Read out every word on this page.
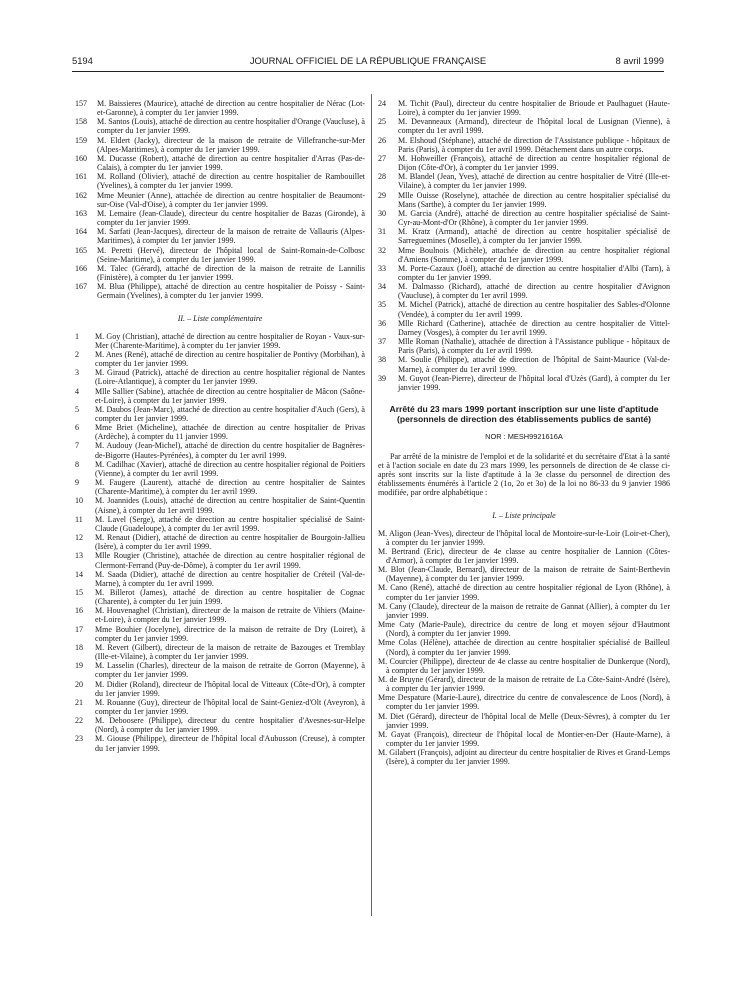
5194	JOURNAL OFFICIEL DE LA RÉPUBLIQUE FRANÇAISE	8 avril 1999
157 M. Baissieres (Maurice), attaché de direction au centre hospitalier de Nérac (Lot-et-Garonne), à compter du 1er janvier 1999.
158 M. Santos (Louis), attaché de direction au centre hospitalier d'Orange (Vaucluse), à compter du 1er janvier 1999.
159 M. Eldert (Jacky), directeur de la maison de retraite de Villefranche-sur-Mer (Alpes-Maritimes), à compter du 1er janvier 1999.
160 M. Ducasse (Robert), attaché de direction au centre hospitalier d'Arras (Pas-de-Calais), à compter du 1er janvier 1999.
161 M. Rolland (Olivier), attaché de direction au centre hospitalier de Rambouillet (Yvelines), à compter du 1er janvier 1999.
162 Mme Meunier (Anne), attachée de direction au centre hospitalier de Beaumont-sur-Oise (Val-d'Oise), à compter du 1er janvier 1999.
163 M. Lemaire (Jean-Claude), directeur du centre hospitalier de Bazas (Gironde), à compter du 1er janvier 1999.
164 M. Sarfati (Jean-Jacques), directeur de la maison de retraite de Vallauris (Alpes-Maritimes), à compter du 1er janvier 1999.
165 M. Peretti (Hervé), directeur de l'hôpital local de Saint-Romain-de-Colbosc (Seine-Maritime), à compter du 1er janvier 1999.
166 M. Talec (Gérard), attaché de direction de la maison de retraite de Lannilis (Finistère), à compter du 1er janvier 1999.
167 M. Blua (Philippe), attaché de direction au centre hospitalier de Poissy - Saint-Germain (Yvelines), à compter du 1er janvier 1999.
II. – Liste complémentaire
1 M. Goy (Christian), attaché de direction au centre hospitalier de Royan - Vaux-sur-Mer (Charente-Maritime), à compter du 1er janvier 1999.
2 M. Anes (René), attaché de direction au centre hospitalier de Pontivy (Morbihan), à compter du 1er janvier 1999.
3 M. Giraud (Patrick), attaché de direction au centre hospitalier régional de Nantes (Loire-Atlantique), à compter du 1er janvier 1999.
4 Mlle Sallier (Sabine), attachée de direction au centre hospitalier de Mâcon (Saône-et-Loire), à compter du 1er janvier 1999.
5 M. Daubos (Jean-Marc), attaché de direction au centre hospitalier d'Auch (Gers), à compter du 1er janvier 1999.
6 Mme Briet (Micheline), attachée de direction au centre hospitalier de Privas (Ardèche), à compter du 11 janvier 1999.
7 M. Audouy (Jean-Michel), attaché de direction du centre hospitalier de Bagnères-de-Bigorre (Hautes-Pyrénées), à compter du 1er avril 1999.
8 M. Cadilhac (Xavier), attaché de direction au centre hospitalier régional de Poitiers (Vienne), à compter du 1er avril 1999.
9 M. Faugere (Laurent), attaché de direction au centre hospitalier de Saintes (Charente-Maritime), à compter du 1er avril 1999.
10 M. Joannides (Louis), attaché de direction au centre hospitalier de Saint-Quentin (Aisne), à compter du 1er avril 1999.
11 M. Lavel (Serge), attaché de direction au centre hospitalier spécialisé de Saint-Claude (Guadeloupe), à compter du 1er avril 1999.
12 M. Renaut (Didier), attaché de direction au centre hospitalier de Bourgoin-Jallieu (Isère), à compter du 1er avril 1999.
13 Mlle Rougier (Christine), attachée de direction au centre hospitalier régional de Clermont-Ferrand (Puy-de-Dôme), à compter du 1er avril 1999.
14 M. Saada (Didier), attaché de direction au centre hospitalier de Créteil (Val-de-Marne), à compter du 1er avril 1999.
15 M. Billerot (James), attaché de direction au centre hospitalier de Cognac (Charente), à compter du 1er juin 1999.
16 M. Houvenaghel (Christian), directeur de la maison de retraite de Vihiers (Maine-et-Loire), à compter du 1er janvier 1999.
17 Mme Bouhier (Jocelyne), directrice de la maison de retraite de Dry (Loiret), à compter du 1er janvier 1999.
18 M. Revert (Gilbert), directeur de la maison de retraite de Bazouges et Tremblay (Ille-et-Vilaine), à compter du 1er janvier 1999.
19 M. Lasselin (Charles), directeur de la maison de retraite de Gorron (Mayenne), à compter du 1er janvier 1999.
20 M. Didier (Roland), directeur de l'hôpital local de Vitteaux (Côte-d'Or), à compter du 1er janvier 1999.
21 M. Rouanne (Guy), directeur de l'hôpital local de Saint-Geniez-d'Olt (Aveyron), à compter du 1er janvier 1999.
22 M. Deboosere (Philippe), directeur du centre hospitalier d'Avesnes-sur-Helpe (Nord), à compter du 1er janvier 1999.
23 M. Giouse (Philippe), directeur de l'hôpital local d'Aubusson (Creuse), à compter du 1er janvier 1999.
24 M. Tichit (Paul), directeur du centre hospitalier de Brioude et Paulhaguet (Haute-Loire), à compter du 1er janvier 1999.
25 M. Devanneaux (Armand), directeur de l'hôpital local de Lusignan (Vienne), à compter du 1er avril 1999.
26 M. Elshoud (Stéphane), attaché de direction de l'Assistance publique - hôpitaux de Paris (Paris), à compter du 1er avril 1999. Détachement dans un autre corps.
27 M. Hohweiller (François), attaché de direction au centre hospitalier régional de Dijon (Côte-d'Or), à compter du 1er janvier 1999.
28 M. Blandel (Jean, Yves), attaché de direction au centre hospitalier de Vitré (Ille-et-Vilaine), à compter du 1er janvier 1999.
29 Mlle Ouisse (Roselyne), attachée de direction au centre hospitalier spécialisé du Mans (Sarthe), à compter du 1er janvier 1999.
30 M. Garcia (André), attaché de direction au centre hospitalier spécialisé de Saint-Cyr-au-Mont-d'Or (Rhône), à compter du 1er janvier 1999.
31 M. Kratz (Armand), attaché de direction au centre hospitalier spécialisé de Sarreguemines (Moselle), à compter du 1er janvier 1999.
32 Mme Boulnois (Michèle), attachée de direction au centre hospitalier régional d'Amiens (Somme), à compter du 1er janvier 1999.
33 M. Porte-Cazaux (Joël), attaché de direction au centre hospitalier d'Albi (Tarn), à compter du 1er janvier 1999.
34 M. Dalmasso (Richard), attaché de direction au centre hospitalier d'Avignon (Vaucluse), à compter du 1er avril 1999.
35 M. Michel (Patrick), attaché de direction au centre hospitalier des Sables-d'Olonne (Vendée), à compter du 1er avril 1999.
36 Mlle Richard (Catherine), attachée de direction au centre hospitalier de Vittel-Darney (Vosges), à compter du 1er avril 1999.
37 Mlle Roman (Nathalie), attachée de direction à l'Assistance publique - hôpitaux de Paris (Paris), à compter du 1er avril 1999.
38 M. Soulie (Philippe), attaché de direction de l'hôpital de Saint-Maurice (Val-de-Marne), à compter du 1er avril 1999.
39 M. Guyot (Jean-Pierre), directeur de l'hôpital local d'Uzès (Gard), à compter du 1er janvier 1999.
Arrêté du 23 mars 1999 portant inscription sur une liste d'aptitude (personnels de direction des établissements publics de santé)
NOR : MESH9921616A
Par arrêté de la ministre de l'emploi et de la solidarité et du secrétaire d'Etat à la santé et à l'action sociale en date du 23 mars 1999, les personnels de direction de 4e classe ci-après sont inscrits sur la liste d'aptitude à la 3e classe du personnel de direction des établissements énumérés à l'article 2 (1o, 2o et 3o) de la loi no 86-33 du 9 janvier 1986 modifiée, par ordre alphabétique :
I. – Liste principale
M. Aligon (Jean-Yves), directeur de l'hôpital local de Montoire-sur-le-Loir (Loir-et-Cher), à compter du 1er janvier 1999.
M. Bertrand (Eric), directeur de 4e classe au centre hospitalier de Lannion (Côtes-d'Armor), à compter du 1er janvier 1999.
M. Blot (Jean-Claude, Bernard), directeur de la maison de retraite de Saint-Berthevin (Mayenne), à compter du 1er janvier 1999.
M. Cano (René), attaché de direction au centre hospitalier régional de Lyon (Rhône), à compter du 1er janvier 1999.
M. Cany (Claude), directeur de la maison de retraite de Gannat (Allier), à compter du 1er janvier 1999.
Mme Caty (Marie-Paule), directrice du centre de long et moyen séjour d'Hautmont (Nord), à compter du 1er janvier 1999.
Mme Colas (Hélène), attachée de direction au centre hospitalier spécialisé de Bailleul (Nord), à compter du 1er janvier 1999.
M. Courcier (Philippe), directeur de 4e classe au centre hospitalier de Dunkerque (Nord), à compter du 1er janvier 1999.
M. de Bruyne (Gérard), directeur de la maison de retraite de La Côte-Saint-André (Isère), à compter du 1er janvier 1999.
Mme Despature (Marie-Laure), directrice du centre de convalescence de Loos (Nord), à compter du 1er janvier 1999.
M. Diet (Gérard), directeur de l'hôpital local de Melle (Deux-Sèvres), à compter du 1er janvier 1999.
M. Gayat (François), directeur de l'hôpital local de Montier-en-Der (Haute-Marne), à compter du 1er janvier 1999.
M. Gilabert (François), adjoint au directeur du centre hospitalier de Rives et Grand-Lemps (Isère), à compter du 1er janvier 1999.
